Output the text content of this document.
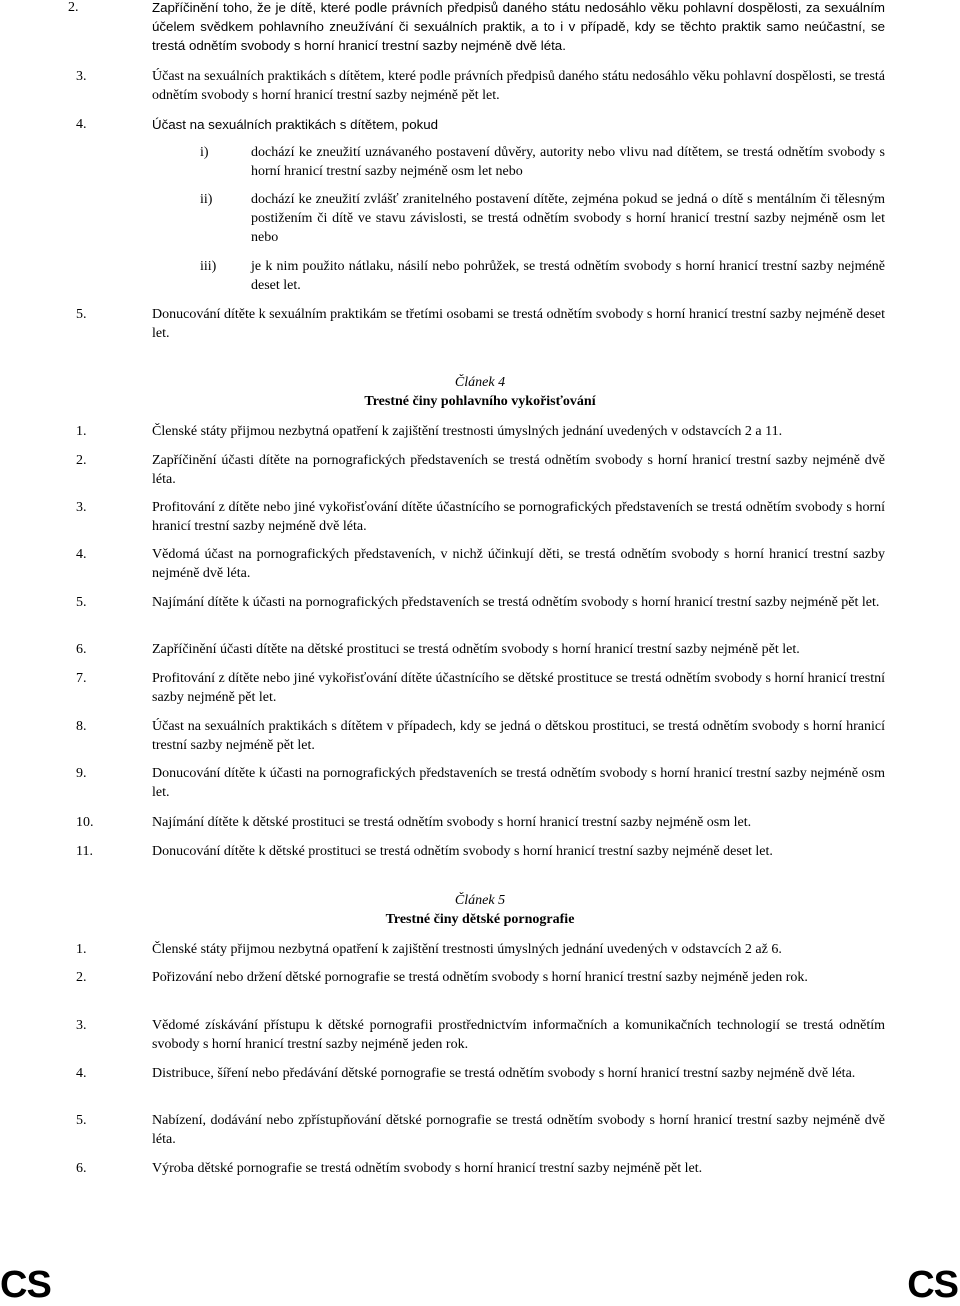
2.	Zapříčinění toho, že je dítě, které podle právních předpisů daného státu nedosáhlo věku pohlavní dospělosti, za sexuálním účelem svědkem pohlavního zneužívání či sexuálních praktik, a to i v případě, kdy se těchto praktik samo neúčastní, se trestá odnětím svobody s horní hranicí trestní sazby nejméně dvě léta.
3.	Účast na sexuálních praktikách s dítětem, které podle právních předpisů daného státu nedosáhlo věku pohlavní dospělosti, se trestá odnětím svobody s horní hranicí trestní sazby nejméně pět let.
4.	Účast na sexuálních praktikách s dítětem, pokud
i)	dochází ke zneužití uznávaného postavení důvěry, autority nebo vlivu nad dítětem, se trestá odnětím svobody s horní hranicí trestní sazby nejméně osm let nebo
ii)	dochází ke zneužití zvlášť zranitelného postavení dítěte, zejména pokud se jedná o dítě s mentálním či tělesným postižením či dítě ve stavu závislosti, se trestá odnětím svobody s horní hranicí trestní sazby nejméně osm let nebo
iii) je k nim použito nátlaku, násilí nebo pohrůžek, se trestá odnětím svobody s horní hranicí trestní sazby nejméně deset let.
5.	Donucování dítěte k sexuálním praktikám se třetími osobami se trestá odnětím svobody s horní hranicí trestní sazby nejméně deset let.
Článek 4
Trestné činy pohlavního vykořisťování
1.	Členské státy přijmou nezbytná opatření k zajištění trestnosti úmyslných jednání uvedených v odstavcích 2 a 11.
2.	Zapříčinění účasti dítěte na pornografických představeních se trestá odnětím svobody s horní hranicí trestní sazby nejméně dvě léta.
3.	Profitování z dítěte nebo jiné vykořisťování dítěte účastnícího se pornografických představeních se trestá odnětím svobody s horní hranicí trestní sazby nejméně dvě léta.
4.	Vědomá účast na pornografických představeních, v nichž účinkují děti, se trestá odnětím svobody s horní hranicí trestní sazby nejméně dvě léta.
5.	Najímání dítěte k účasti na pornografických představeních se trestá odnětím svobody s horní hranicí trestní sazby nejméně pět let.
6.	Zapříčinění účasti dítěte na dětské prostituci se trestá odnětím svobody s horní hranicí trestní sazby nejméně pět let.
7.	Profitování z dítěte nebo jiné vykořisťování dítěte účastnícího se dětské prostituce se trestá odnětím svobody s horní hranicí trestní sazby nejméně pět let.
8.	Účast na sexuálních praktikách s dítětem v případech, kdy se jedná o dětskou prostituci, se trestá odnětím svobody s horní hranicí trestní sazby nejméně pět let.
9.	Donucování dítěte k účasti na pornografických představeních se trestá odnětím svobody s horní hranicí trestní sazby nejméně osm let.
10.	Najímání dítěte k dětské prostituci se trestá odnětím svobody s horní hranicí trestní sazby nejméně osm let.
11.	Donucování dítěte k dětské prostituci se trestá odnětím svobody s horní hranicí trestní sazby nejméně deset let.
Článek 5
Trestné činy dětské pornografie
1.	Členské státy přijmou nezbytná opatření k zajištění trestnosti úmyslných jednání uvedených v odstavcích 2 až 6.
2.	Pořizování nebo držení dětské pornografie se trestá odnětím svobody s horní hranicí trestní sazby nejméně jeden rok.
3.	Vědomé získávání přístupu k dětské pornografii prostřednictvím informačních a komunikačních technologií se trestá odnětím svobody s horní hranicí trestní sazby nejméně jeden rok.
4.	Distribuce, šíření nebo předávání dětské pornografie se trestá odnětím svobody s horní hranicí trestní sazby nejméně dvě léta.
5.	Nabízení, dodávání nebo zpřístupňování dětské pornografie se trestá odnětím svobody s horní hranicí trestní sazby nejméně dvě léta.
6.	Výroba dětské pornografie se trestá odnětím svobody s horní hranicí trestní sazby nejméně pět let.
CS	CS
